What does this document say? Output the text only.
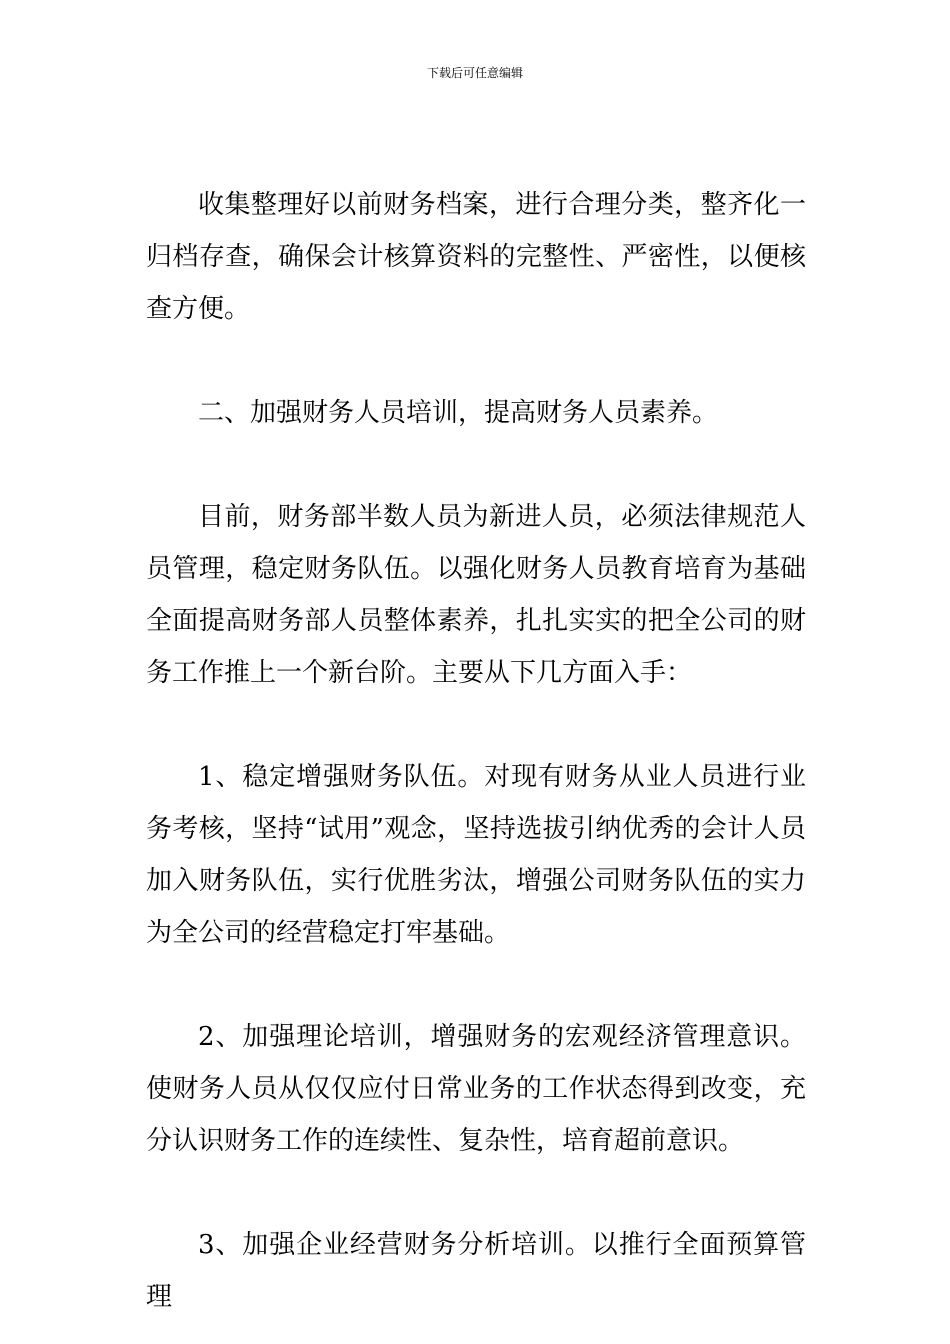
下载后可任意编辑

收集整理好以前财务档案，进行合理分类，整齐化一归档存查，确保会计核算资料的完整性、严密性，以便核查方便。

二、加强财务人员培训，提高财务人员素养。

目前，财务部半数人员为新进人员，必须法律规范人员管理，稳定财务队伍。以强化财务人员教育培育为基础全面提高财务部人员整体素养，扎扎实实的把全公司的财务工作推上一个新台阶。主要从下几方面入手：

1、稳定增强财务队伍。对现有财务从业人员进行业务考核，坚持“试用”观念，坚持选拔引纳优秀的会计人员加入财务队伍，实行优胜劣汰，增强公司财务队伍的实力为全公司的经营稳定打牢基础。

2、加强理论培训，增强财务的宏观经济管理意识。使财务人员从仅仅应付日常业务的工作状态得到改变，充分认识财务工作的连续性、复杂性，培育超前意识。

3、加强企业经营财务分析培训。以推行全面预算管理
